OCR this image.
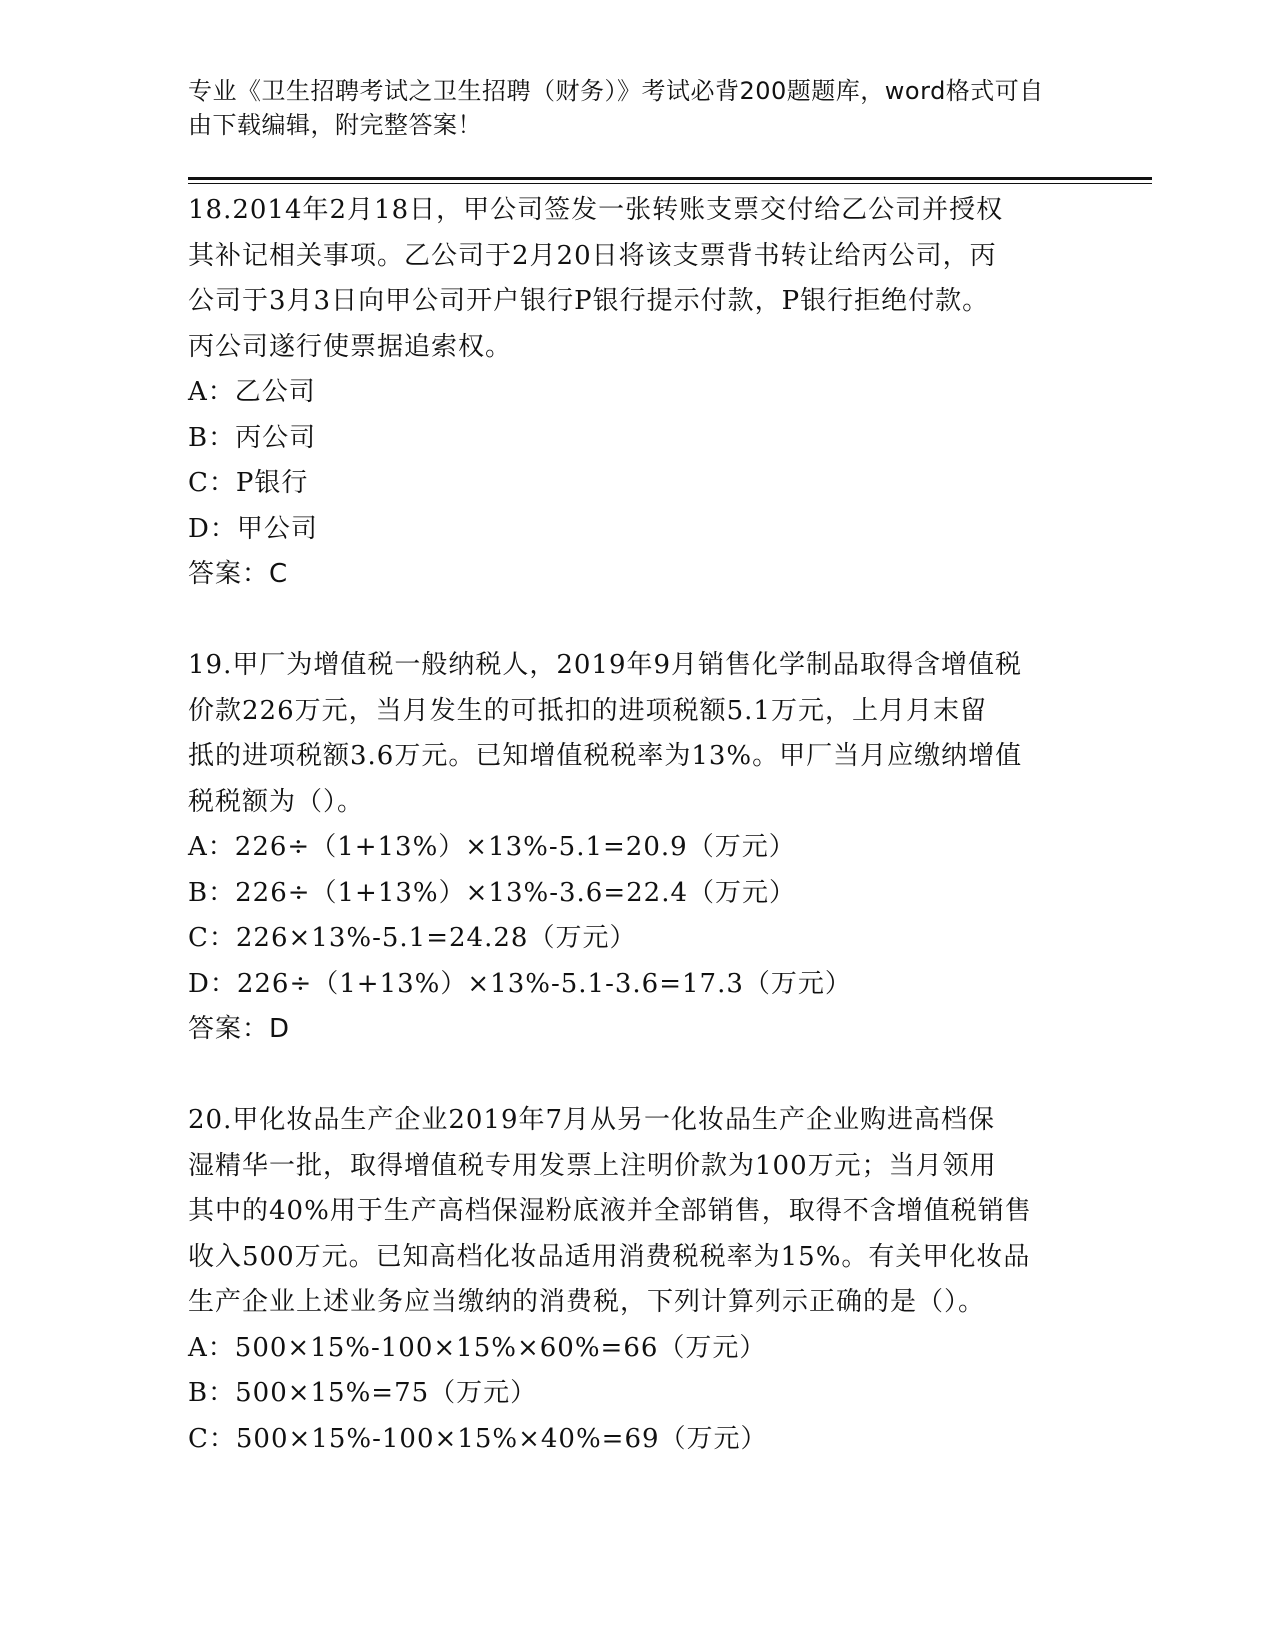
专业《卫生招聘考试之卫生招聘（财务）》考试必背200题题库，word格式可自
由下载编辑，附完整答案！
18.2014年2月18日，甲公司签发一张转账支票交付给乙公司并授权
其补记相关事项。乙公司于2月20日将该支票背书转让给丙公司，丙
公司于3月3日向甲公司开户银行P银行提示付款，P银行拒绝付款。
丙公司遂行使票据追索权。
A：乙公司
B：丙公司
C：P银行
D：甲公司
答案：C
19.甲厂为增值税一般纳税人，2019年9月销售化学制品取得含增值税
价款226万元，当月发生的可抵扣的进项税额5.1万元，上月月末留
抵的进项税额3.6万元。已知增值税税率为13%。甲厂当月应缴纳增值
税税额为（）。
A：226÷（1+13%）×13%-5.1=20.9（万元）
B：226÷（1+13%）×13%-3.6=22.4（万元）
C：226×13%-5.1=24.28（万元）
D：226÷（1+13%）×13%-5.1-3.6=17.3（万元）
答案：D
20.甲化妆品生产企业2019年7月从另一化妆品生产企业购进高档保
湿精华一批，取得增值税专用发票上注明价款为100万元；当月领用
其中的40%用于生产高档保湿粉底液并全部销售，取得不含增值税销售
收入500万元。已知高档化妆品适用消费税税率为15%。有关甲化妆品
生产企业上述业务应当缴纳的消费税，下列计算列示正确的是（）。
A：500×15%-100×15%×60%=66（万元）
B：500×15%=75（万元）
C：500×15%-100×15%×40%=69（万元）
